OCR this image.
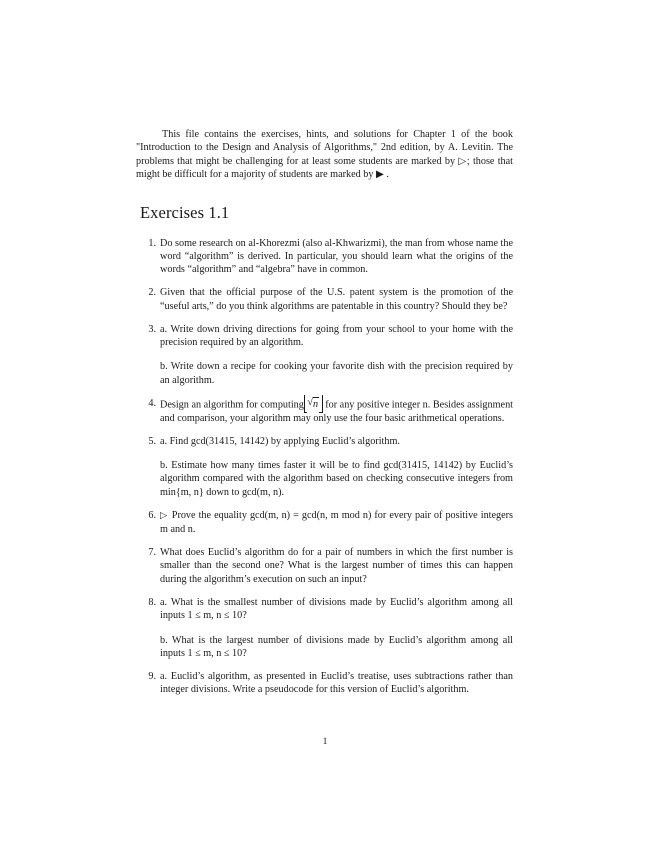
This file contains the exercises, hints, and solutions for Chapter 1 of the book "Introduction to the Design and Analysis of Algorithms," 2nd edition, by A. Levitin. The problems that might be challenging for at least some students are marked by ▷; those that might be difficult for a majority of students are marked by ▶ .

Exercises 1.1
1. Do some research on al-Khorezmi (also al-Khwarizmi), the man from whose name the word “algorithm” is derived. In particular, you should learn what the origins of the words “algorithm” and “algebra” have in common.

2. Given that the official purpose of the U.S. patent system is the promotion of the “useful arts,” do you think algorithms are patentable in this country? Should they be?

3. a. Write down driving directions for going from your school to your home with the precision required by an algorithm.

b. Write down a recipe for cooking your favorite dish with the precision required by an algorithm.

4. Design an algorithm for computing √ n for any positive integer n. Besides assignment and comparison, your algorithm may only use the four basic arithmetical operations.

5. a. Find gcd(31415, 14142) by applying Euclid’s algorithm.

b. Estimate how many times faster it will be to find gcd(31415, 14142) by Euclid’s algorithm compared with the algorithm based on checking consecutive integers from min{m, n} down to gcd(m, n).

6. ▷ Prove the equality gcd(m, n) = gcd(n, m mod n) for every pair of positive integers m and n.

7. What does Euclid’s algorithm do for a pair of numbers in which the first number is smaller than the second one? What is the largest number of times this can happen during the algorithm’s execution on such an input?

8. a. What is the smallest number of divisions made by Euclid’s algorithm among all inputs 1 ≤ m, n ≤ 10?

b. What is the largest number of divisions made by Euclid’s algorithm among all inputs 1 ≤ m, n ≤ 10?

9. a. Euclid’s algorithm, as presented in Euclid’s treatise, uses subtractions rather than integer divisions. Write a pseudocode for this version of Euclid’s algorithm.

1
